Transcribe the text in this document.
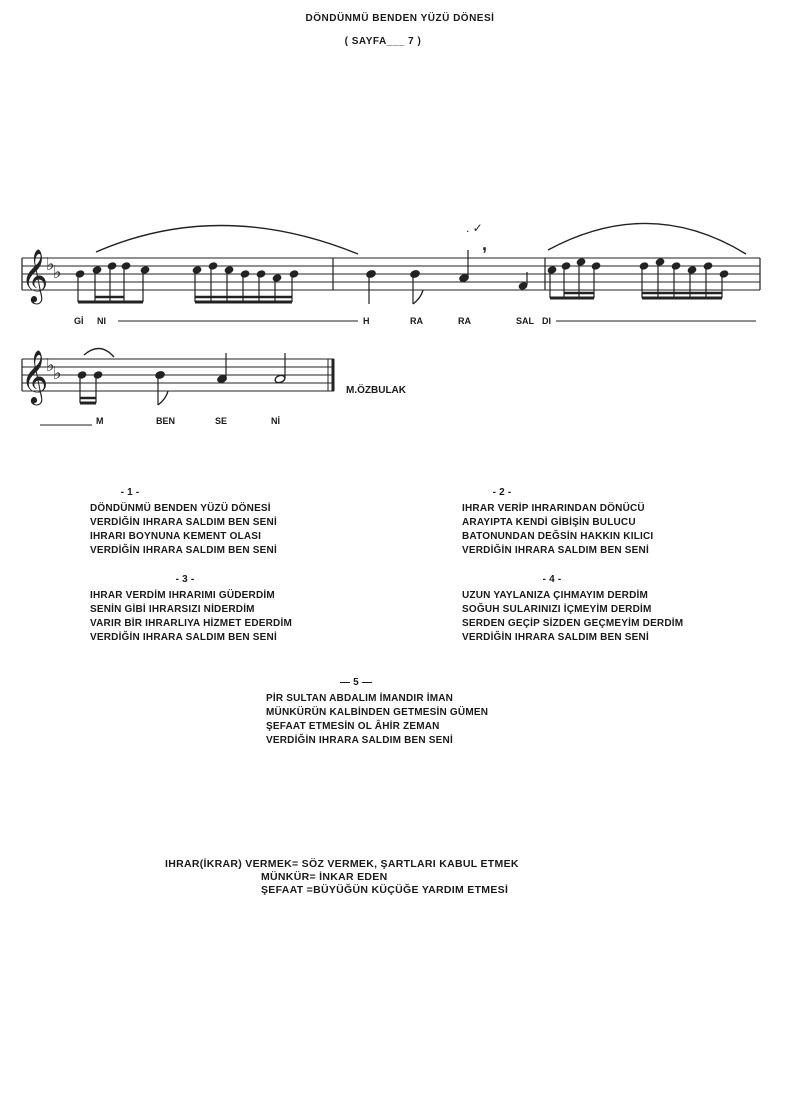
DÖNDÜNMÜ BENDEN YÜZÜ DÖNESİ
( SAYFA___ 7 )
𝄞
♭
♭
. ✓
,
Gİ NI	H	RA	RA	SAL DI
𝄞
♭
♭
M.ÖZBULAK
M	BEN	SE	Nİ
- 1 -
DÖNDÜNMÜ BENDEN YÜZÜ DÖNESİ
VERDİĞİN IHRARA SALDIM BEN SENİ
IHRARI BOYNUNA KEMENT OLASI
VERDİĞİN IHRARA SALDIM BEN SENİ
- 2 -
IHRAR VERİP IHRARINDAN DÖNÜCÜ
ARAYIPTA KENDİ GİBİŞİN BULUCU
BATONUNDAN DEĞSİN HAKKIN KILICI
VERDİĞİN IHRARA SALDIM BEN SENİ
- 3 -
IHRAR VERDİM IHRARIMI GÜDERDİM
SENİN GİBİ IHRARSIZI NİDERDİM
VARIR BİR IHRARLIYA HİZMET EDERDİM
VERDİĞİN IHRARA SALDIM BEN SENİ
- 4 -
UZUN YAYLANIZA ÇIHMAYIM DERDİM
SOĞUH SULARINIZI İÇMEYİM DERDİM
SERDEN GEÇİP SİZDEN GEÇMEYİM DERDİM
VERDİĞİN IHRARA SALDIM BEN SENİ
— 5 —
PİR SULTAN ABDALIM İMANDIR İMAN
MÜNKÜRÜN KALBİNDEN GETMESİN GÜMEN
ŞEFAAT ETMESİN OL ÂHİR ZEMAN
VERDİĞİN IHRARA SALDIM BEN SENİ
IHRAR(İKRAR) VERMEK= SÖZ VERMEK, ŞARTLARI KABUL ETMEK
MÜNKÜR= İNKAR EDEN
ŞEFAAT =BÜYÜĞÜN KÜÇÜĞE YARDIM ETMESİ
